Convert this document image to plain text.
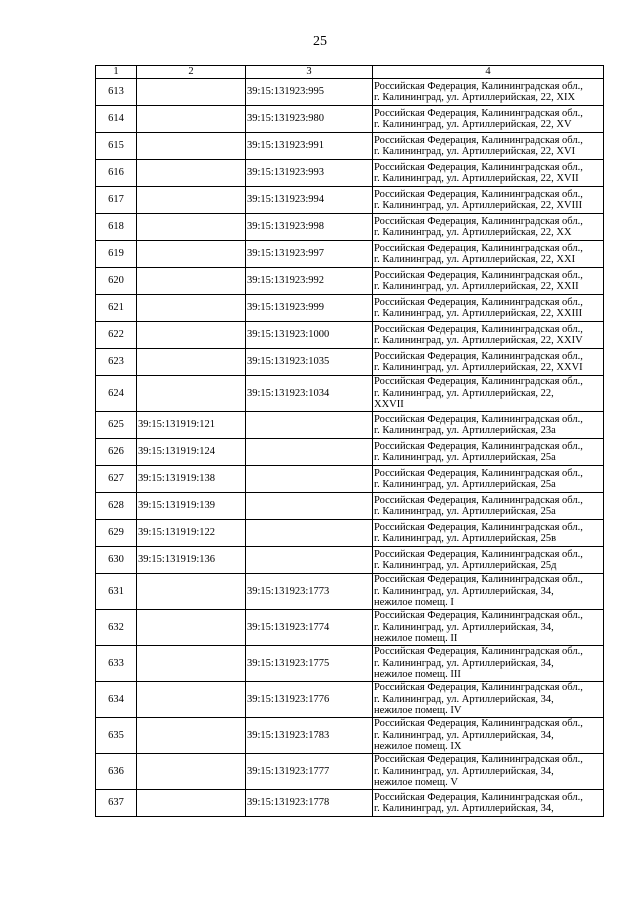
25
1	2	3	4
613		39:15:131923:995	Российская Федерация, Калининградская обл.,
г. Калининград, ул. Артиллерийская, 22, XIX

614		39:15:131923:980	Российская Федерация, Калининградская обл.,
г. Калининград, ул. Артиллерийская, 22, XV

615		39:15:131923:991	Российская Федерация, Калининградская обл.,
г. Калининград, ул. Артиллерийская, 22, XVI

616		39:15:131923:993	Российская Федерация, Калининградская обл.,
г. Калининград, ул. Артиллерийская, 22, XVII

617		39:15:131923:994	Российская Федерация, Калининградская обл.,
г. Калининград, ул. Артиллерийская, 22, XVIII

618		39:15:131923:998	Российская Федерация, Калининградская обл.,
г. Калининград, ул. Артиллерийская, 22, XX

619		39:15:131923:997	Российская Федерация, Калининградская обл.,
г. Калининград, ул. Артиллерийская, 22, XXI

620		39:15:131923:992	Российская Федерация, Калининградская обл.,
г. Калининград, ул. Артиллерийская, 22, XXII

621		39:15:131923:999	Российская Федерация, Калининградская обл.,
г. Калининград, ул. Артиллерийская, 22, XXIII

622		39:15:131923:1000	Российская Федерация, Калининградская обл.,
г. Калининград, ул. Артиллерийская, 22, XXIV

623		39:15:131923:1035	Российская Федерация, Калининградская обл.,
г. Калининград, ул. Артиллерийская, 22, XXVI

624		39:15:131923:1034	Российская Федерация, Калининградская обл.,
г. Калининград, ул. Артиллерийская, 22,
XXVII

625	39:15:131919:121		Российская Федерация, Калининградская обл.,
г. Калининград, ул. Артиллерийская, 23а

626	39:15:131919:124		Российская Федерация, Калининградская обл.,
г. Калининград, ул. Артиллерийская, 25а

627	39:15:131919:138		Российская Федерация, Калининградская обл.,
г. Калининград, ул. Артиллерийская, 25а

628	39:15:131919:139		Российская Федерация, Калининградская обл.,
г. Калининград, ул. Артиллерийская, 25а

629	39:15:131919:122		Российская Федерация, Калининградская обл.,
г. Калининград, ул. Артиллерийская, 25в

630	39:15:131919:136		Российская Федерация, Калининградская обл.,
г. Калининград, ул. Артиллерийская, 25д

631		39:15:131923:1773	Российская Федерация, Калининградская обл.,
г. Калининград, ул. Артиллерийская, 34,
нежилое помещ. I

632		39:15:131923:1774	Российская Федерация, Калининградская обл.,
г. Калининград, ул. Артиллерийская, 34,
нежилое помещ. II

633		39:15:131923:1775	Российская Федерация, Калининградская обл.,
г. Калининград, ул. Артиллерийская, 34,
нежилое помещ. III

634		39:15:131923:1776	Российская Федерация, Калининградская обл.,
г. Калининград, ул. Артиллерийская, 34,
нежилое помещ. IV

635		39:15:131923:1783	Российская Федерация, Калининградская обл.,
г. Калининград, ул. Артиллерийская, 34,
нежилое помещ. IX

636		39:15:131923:1777	Российская Федерация, Калининградская обл.,
г. Калининград, ул. Артиллерийская, 34,
нежилое помещ. V

637		39:15:131923:1778	Российская Федерация, Калининградская обл.,
г. Калининград, ул. Артиллерийская, 34,
